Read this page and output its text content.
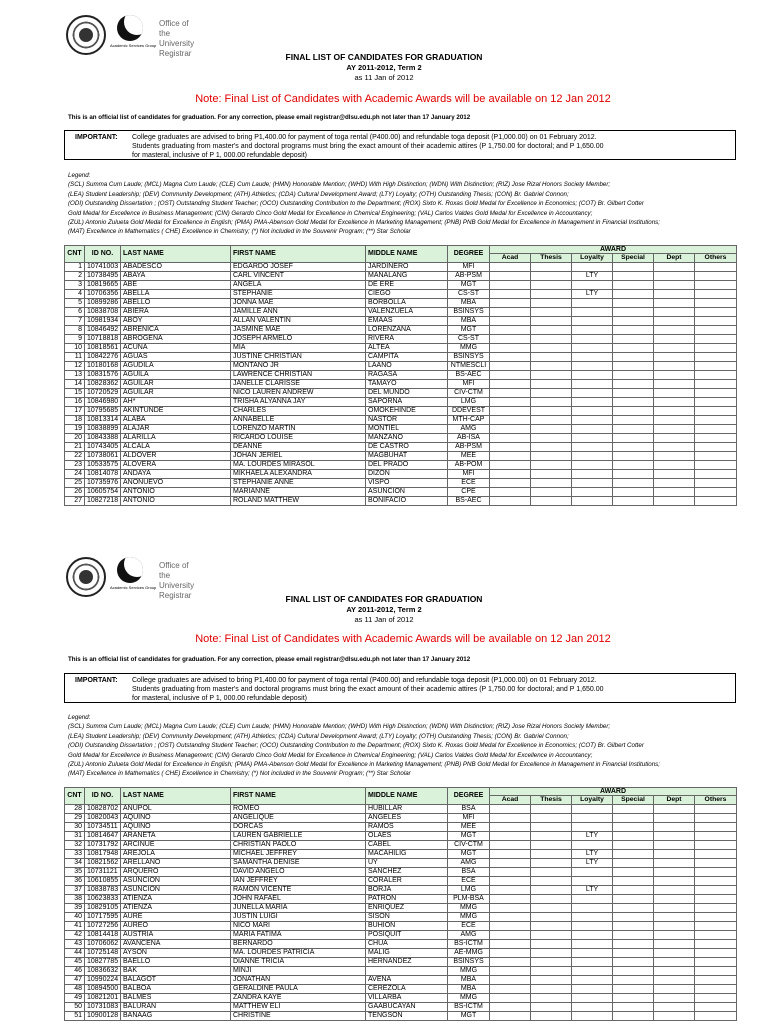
Academic Services Group
Office of the
University
Registrar	FINAL LIST OF CANDIDATES FOR GRADUATION
AY 2011-2012, Term 2
as 11 Jan of 2012
Note: Final List of Candidates with Academic Awards will be available on 12 Jan 2012
This is an official list of candidates for graduation. For any correction, please email registrar@dlsu.edu.ph not later than 17 January 2012
IMPORTANT: College graduates are advised to bring P1,400.00 for payment of toga rental (P400.00) and refundable toga deposit (P1,000.00) on 01 February 2012.
Students graduating from master's and doctoral programs must bring the exact amount of their academic attires (P 1,750.00 for doctoral; and P 1,650.00
for masteral, inclusive of P 1, 000.00 refundable deposit)
Legend:
(SCL) Summa Cum Laude; (MCL) Magna Cum Laude; (CLE) Cum Laude; (HMN) Honorable Mention; (WHD) With High Distinction; (WDN) With Distinction; (RIZ) Jose Rizal Honors Society Member;
(LEA) Student Leadership; (DEV) Community Development; (ATH) Athletics; (CDA) Cultural Development Award; (LTY) Loyalty; (OTH) Outstanding Thesis; (CON) Br. Gabriel Connon;
(ODI) Outstanding Dissertation ; (OST) Outstanding Student Teacher; (OCO) Outstanding Contribution to the Department; (ROX) Sixto K. Roxas Gold Medal for Excellence in Economics; (COT) Br. Gilbert Cotter
Gold Medal for Excellence in Business Management; (CIN) Gerardo Cinco Gold Medal for Excellence in Chemical Engineering; (VAL) Carlos Valdes Gold Medal for Excellence in Accountancy;
(ZUL) Antonio Zulueta Gold Medal for Excellence in English; (PMA) PMA-Abenson Gold Medal for Excellence in Marketing Management; (PNB) PNB Gold Medal for Excellence in Management in Financial Institutions;
(MAT) Excellence in Mathematics ( CHE) Excellence in Chemistry; (*) Not included in the Souvenir Program; (**) Star Scholar
CNT	ID NO.	LAST NAME	FIRST NAME	MIDDLE NAME	DEGREE	AWARD					
						Acad	Thesis	Loyalty	Special	Dept	Others
1	10741003	ABADESCO	EDGARDO JOSEF	JARDINERO	MFI						
2	10738495	ABAYA	CARL VINCENT	MANALANG	AB-PSM			LTY			
3	10819665	ABE	ANGELA	DE ERE	MGT						
4	10706356	ABELLA	STEPHANIE	CIEGO	CS-ST			LTY			
5	10899286	ABELLO	JONNA MAE	BORBOLLA	MBA						
6	10838708	ABIERA	JAMILLE ANN	VALENZUELA	BSINSYS						
7	10981934	ABOY	ALLAN VALENTIN	EMAAS	MBA						
8	10846492	ABRENICA	JASMINE MAE	LORENZANA	MGT						
9	10718818	ABROGENA	JOSEPH ARMELO	RIVERA	CS-ST						
10	10818561	ACUNA	MIA	ALTEA	MMG						
11	10842276	AGUAS	JUSTINE CHRISTIAN	CAMPITA	BSINSYS						
12	10180168	AGUDILA	MONTANO JR	LAANO	NTMESCLI						
13	10831576	AGUILA	LAWRENCE CHRISTIAN	RAGASA	BS-AEC						
14	10828362	AGUILAR	JANELLE CLARISSE	TAMAYO	MFI						
15	10720529	AGUILAR	NICO LAUREN ANDREW	DEL MUNDO	CIV-CTM						
16	10846980	AH*	TRISHA ALYANNA JAY	SAPORNA	LMG						
17	10795685	AKINTUNDE	CHARLES	OMOKEHINDE	DDEVEST						
18	10813314	ALABA	ANNABELLE	NASTOR	MTH-CAP						
19	10838899	ALAJAR	LORENZO MARTIN	MONTIEL	AMG						
20	10843388	ALARILLA	RICARDO LOUISE	MANZANO	AB-ISA						
21	10743405	ALCALA	DEANNE	DE CASTRO	AB-PSM						
22	10738061	ALDOVER	JOHAN JERIEL	MAGBUHAT	MEE						
23	10533575	ALOVERA	MA. LOURDES MIRASOL	DEL PRADO	AB-POM						
24	10814078	ANDAYA	MIKHAELA ALEXANDRA	DIZON	MFI						
25	10735976	ANONUEVO	STEPHANIE ANNE	VISPO	ECE						
26	10605754	ANTONIO	MARIANNE	ASUNCION	CPE						
27	10827218	ANTONIO	ROLAND MATTHEW	BONIFACIO	BS-AEC						
Academic Services Group
Office of the
University
Registrar	FINAL LIST OF CANDIDATES FOR GRADUATION
AY 2011-2012, Term 2
as 11 Jan of 2012
Note: Final List of Candidates with Academic Awards will be available on 12 Jan 2012
This is an official list of candidates for graduation. For any correction, please email registrar@dlsu.edu.ph not later than 17 January 2012
IMPORTANT: College graduates are advised to bring P1,400.00 for payment of toga rental (P400.00) and refundable toga deposit (P1,000.00) on 01 February 2012.
Students graduating from master's and doctoral programs must bring the exact amount of their academic attires (P 1,750.00 for doctoral; and P 1,650.00
for masteral, inclusive of P 1, 000.00 refundable deposit)
Legend:
(SCL) Summa Cum Laude; (MCL) Magna Cum Laude; (CLE) Cum Laude; (HMN) Honorable Mention; (WHD) With High Distinction; (WDN) With Distinction; (RIZ) Jose Rizal Honors Society Member;
(LEA) Student Leadership; (DEV) Community Development; (ATH) Athletics; (CDA) Cultural Development Award; (LTY) Loyalty; (OTH) Outstanding Thesis; (CON) Br. Gabriel Connon;
(ODI) Outstanding Dissertation ; (OST) Outstanding Student Teacher; (OCO) Outstanding Contribution to the Department; (ROX) Sixto K. Roxas Gold Medal for Excellence in Economics; (COT) Br. Gilbert Cotter
Gold Medal for Excellence in Business Management; (CIN) Gerardo Cinco Gold Medal for Excellence in Chemical Engineering; (VAL) Carlos Valdes Gold Medal for Excellence in Accountancy;
(ZUL) Antonio Zulueta Gold Medal for Excellence in English; (PMA) PMA-Abenson Gold Medal for Excellence in Marketing Management; (PNB) PNB Gold Medal for Excellence in Management in Financial Institutions;
(MAT) Excellence in Mathematics ( CHE) Excellence in Chemistry; (*) Not included in the Souvenir Program; (**) Star Scholar
CNT	ID NO.	LAST NAME	FIRST NAME	MIDDLE NAME	DEGREE	AWARD					
						Acad	Thesis	Loyalty	Special	Dept	Others
28	10828702	ANUPOL	ROMEO	HUBILLAR	BSA						
29	10820043	AQUINO	ANGELIQUE	ANGELES	MFI						
30	10734511	AQUINO	DORCAS	RAMOS	MEE						
31	10814647	ARANETA	LAUREN GABRIELLE	OLAES	MGT			LTY			
32	10731792	ARCINUE	CHRISTIAN PAOLO	CABEL	CIV-CTM						
33	10817948	AREJOLA	MICHAEL JEFFREY	MACAHILIG	MGT			LTY			
34	10821562	ARELLANO	SAMANTHA DENISE	UY	AMG			LTY			
35	10731121	ARQUERO	DAVID ANGELO	SANCHEZ	BSA						
36	10610855	ASUNCION	IAN JEFFREY	CORALER	ECE						
37	10838783	ASUNCION	RAMON VICENTE	BORJA	LMG			LTY			
38	10623833	ATIENZA	JOHN RAFAEL	PATRON	PLM-BSA						
39	10829105	ATIENZA	JUNELLA MARIA	ENRIQUEZ	MMG						
40	10717595	AURE	JUSTIN LUIGI	SISON	MMG						
41	10727256	AUREO	NICO MARI	BUHION	ECE						
42	10814418	AUSTRIA	MARIA FATIMA	POSIQUIT	AMG						
43	10706062	AVANCENA	BERNARDO	CHUA	BS-ICTM						
44	10725148	AYSON	MA. LOURDES PATRICIA	MALIG	AE-MMG						
45	10827785	BAELLO	DIANNE TRICIA	HERNANDEZ	BSINSYS						
46	10836632	BAK	MINJI		MMG						
47	10990224	BALAGOT	JONATHAN	AVENA	MBA						
48	10894500	BALBOA	GERALDINE PAULA	CEREZOLA	MBA						
49	10821201	BALMES	ZANDRA KAYE	VILLARBA	MMG						
50	10731083	BALURAN	MATTHEW ELI	GAABUCAYAN	BS-ICTM						
51	10900128	BANAAG	CHRISTINE	TENGSON	MGT						
